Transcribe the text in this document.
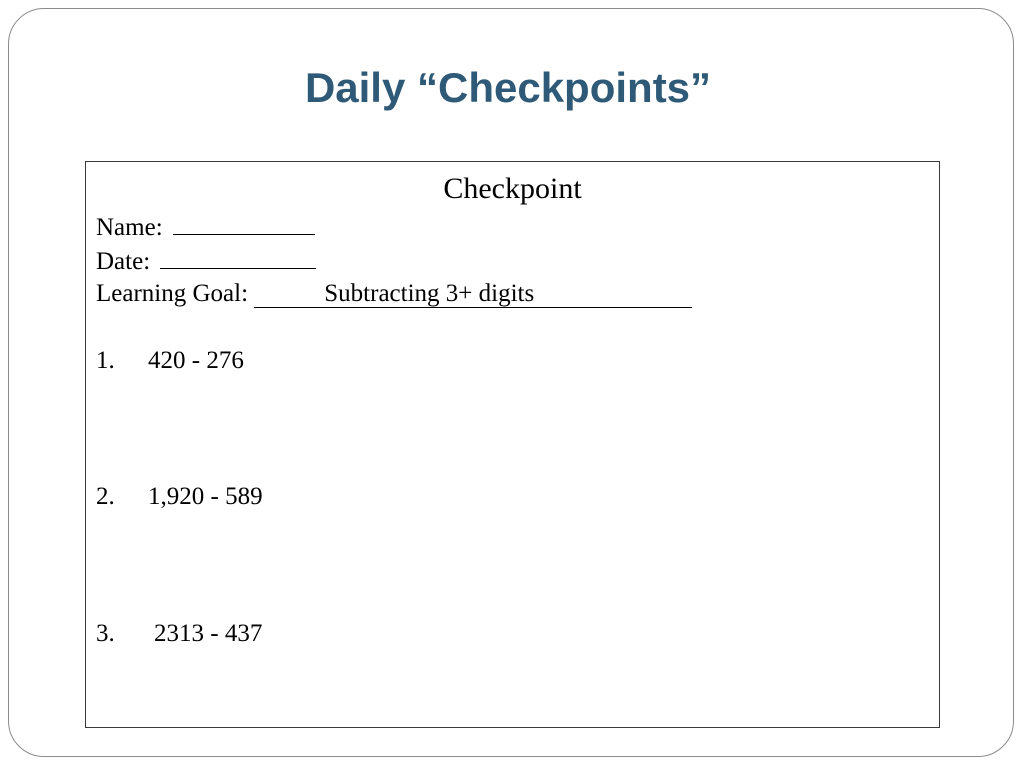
Daily “Checkpoints”
Checkpoint
Name:
Date:
Learning Goal:	Subtracting 3+ digits
1. 420 - 276
2. 1,920 - 589
3. 2313 - 437
